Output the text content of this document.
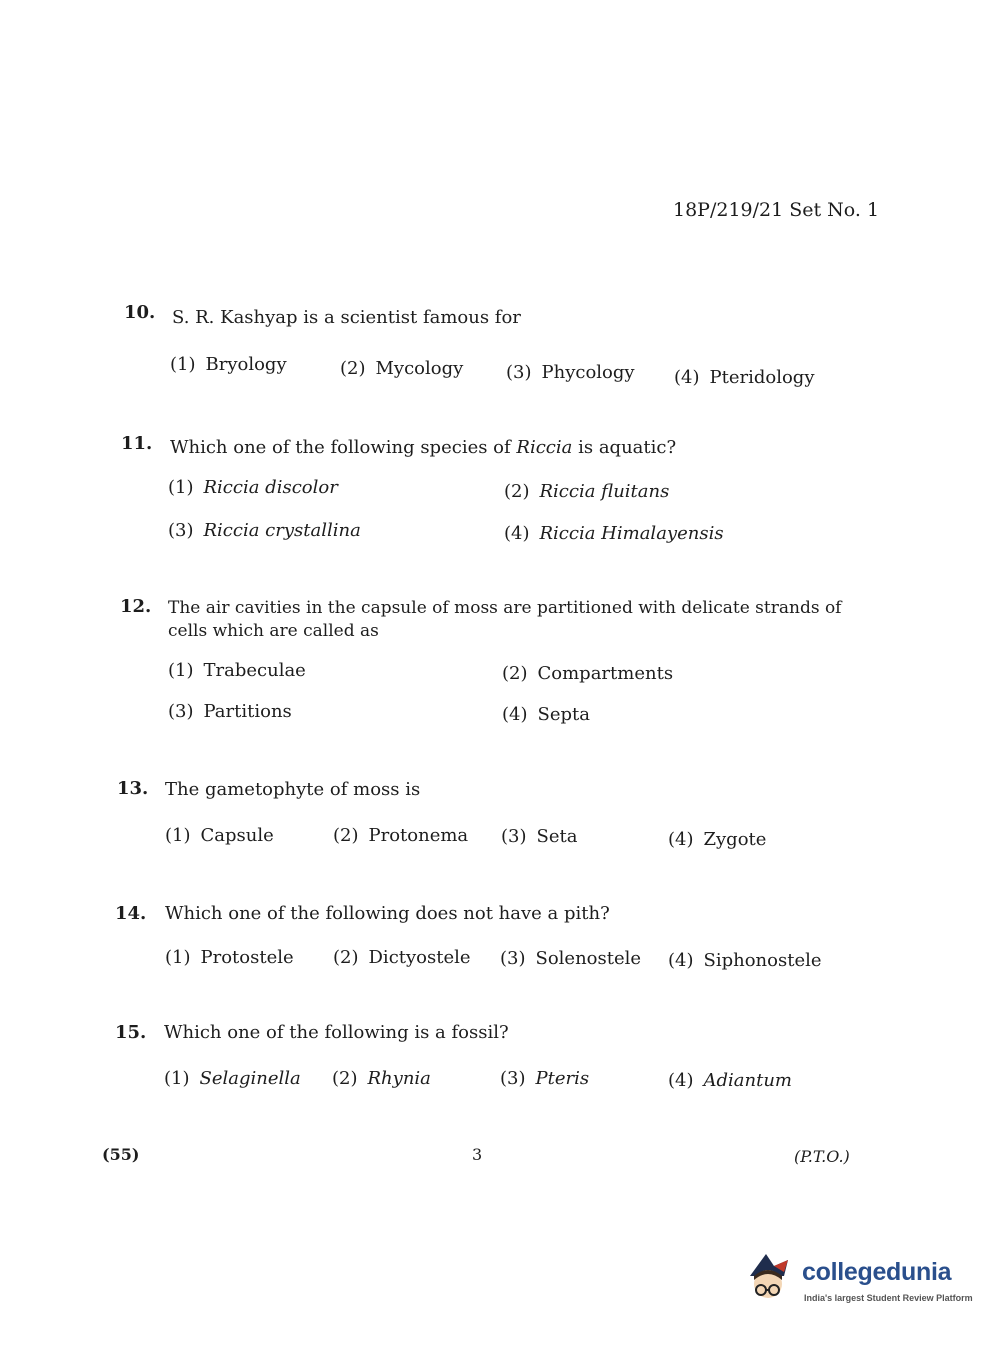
18P/219/21 Set No. 1
10. S. R. Kashyap is a scientist famous for
(1) Bryology	(2) Mycology (3) Phycology (4) Pteridology
11. Which one of the following species of Riccia is aquatic?
(1) Riccia discolor	(2) Riccia fluitans
(3) Riccia crystallina	(4) Riccia Himalayensis
12. The air cavities in the capsule of moss are partitioned with delicate strands of
cells which are called as
(1) Trabeculae	(2) Compartments
(3) Partitions	(4) Septa
13. The gametophyte of moss is
(1) Capsule	(2) Protonema (3) Seta	(4) Zygote
14. Which one of the following does not have a pith?
(1) Protostele (2) Dictyostele (3) Solenostele (4) Siphonostele
15. Which one of the following is a fossil?
(1) Selaginella (2) Rhynia	(3) Pteris	(4) Adiantum
(55)	3	(P.T.O.)
collegedunia
India's largest Student Review Platform
